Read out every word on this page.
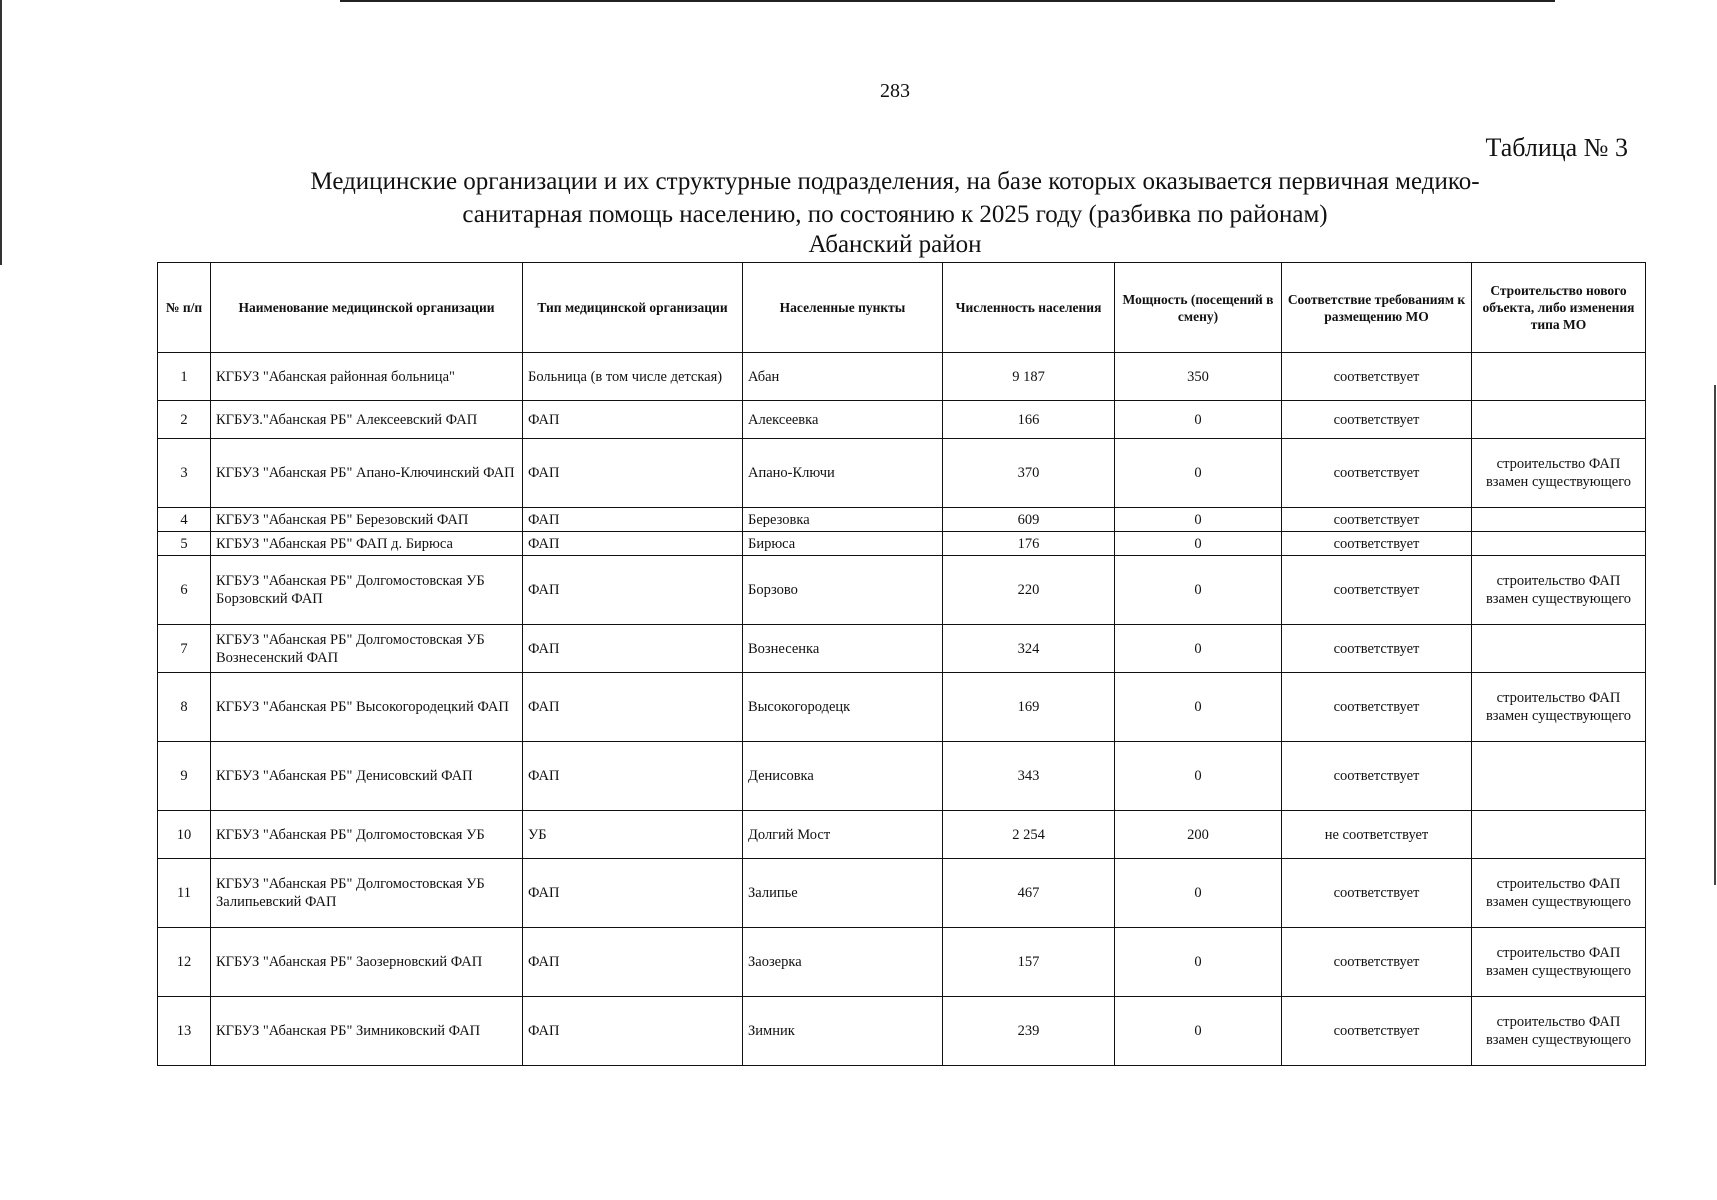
283
Таблица № 3
Медицинские организации и их структурные подразделения, на базе которых оказывается первичная медико-
санитарная помощь населению, по состоянию к 2025 году (разбивка по районам)
Абанский район
№ п/п	Наименование медицинской организации	Тип медицинской организации	Населенные пункты	Численность населения	Мощность (посещений в смену)	Соответствие требованиям к размещению МО	Строительство нового объекта, либо изменения типа МО
1	КГБУЗ "Абанская районная больница"	Больница (в том числе детская)	Абан	9 187	350	соответствует	
2	КГБУЗ."Абанская РБ" Алексеевский ФАП	ФАП	Алексеевка	166	0	соответствует	
3	КГБУЗ "Абанская РБ" Апано-Ключинский ФАП	ФАП	Апано-Ключи	370	0	соответствует	строительство ФАП взамен существующего
4	КГБУЗ "Абанская РБ" Березовский ФАП	ФАП	Березовка	609	0	соответствует	
5	КГБУЗ "Абанская РБ" ФАП д. Бирюса	ФАП	Бирюса	176	0	соответствует	
6	КГБУЗ "Абанская РБ" Долгомостовская УБ Борзовский ФАП	ФАП	Борзово	220	0	соответствует	строительство ФАП взамен существующего
7	КГБУЗ "Абанская РБ" Долгомостовская УБ Вознесенский ФАП	ФАП	Вознесенка	324	0	соответствует	
8	КГБУЗ "Абанская РБ" Высокогородецкий ФАП	ФАП	Высокогородецк	169	0	соответствует	строительство ФАП взамен существующего
9	КГБУЗ "Абанская РБ" Денисовский ФАП	ФАП	Денисовка	343	0	соответствует	
10	КГБУЗ "Абанская РБ" Долгомостовская УБ	УБ	Долгий Мост	2 254	200	не соответствует	
11	КГБУЗ "Абанская РБ" Долгомостовская УБ Залипьевский ФАП	ФАП	Залипье	467	0	соответствует	строительство ФАП взамен существующего
12	КГБУЗ "Абанская РБ" Заозерновский ФАП	ФАП	Заозерка	157	0	соответствует	строительство ФАП взамен существующего
13	КГБУЗ "Абанская РБ" Зимниковский ФАП	ФАП	Зимник	239	0	соответствует	строительство ФАП взамен существующего
